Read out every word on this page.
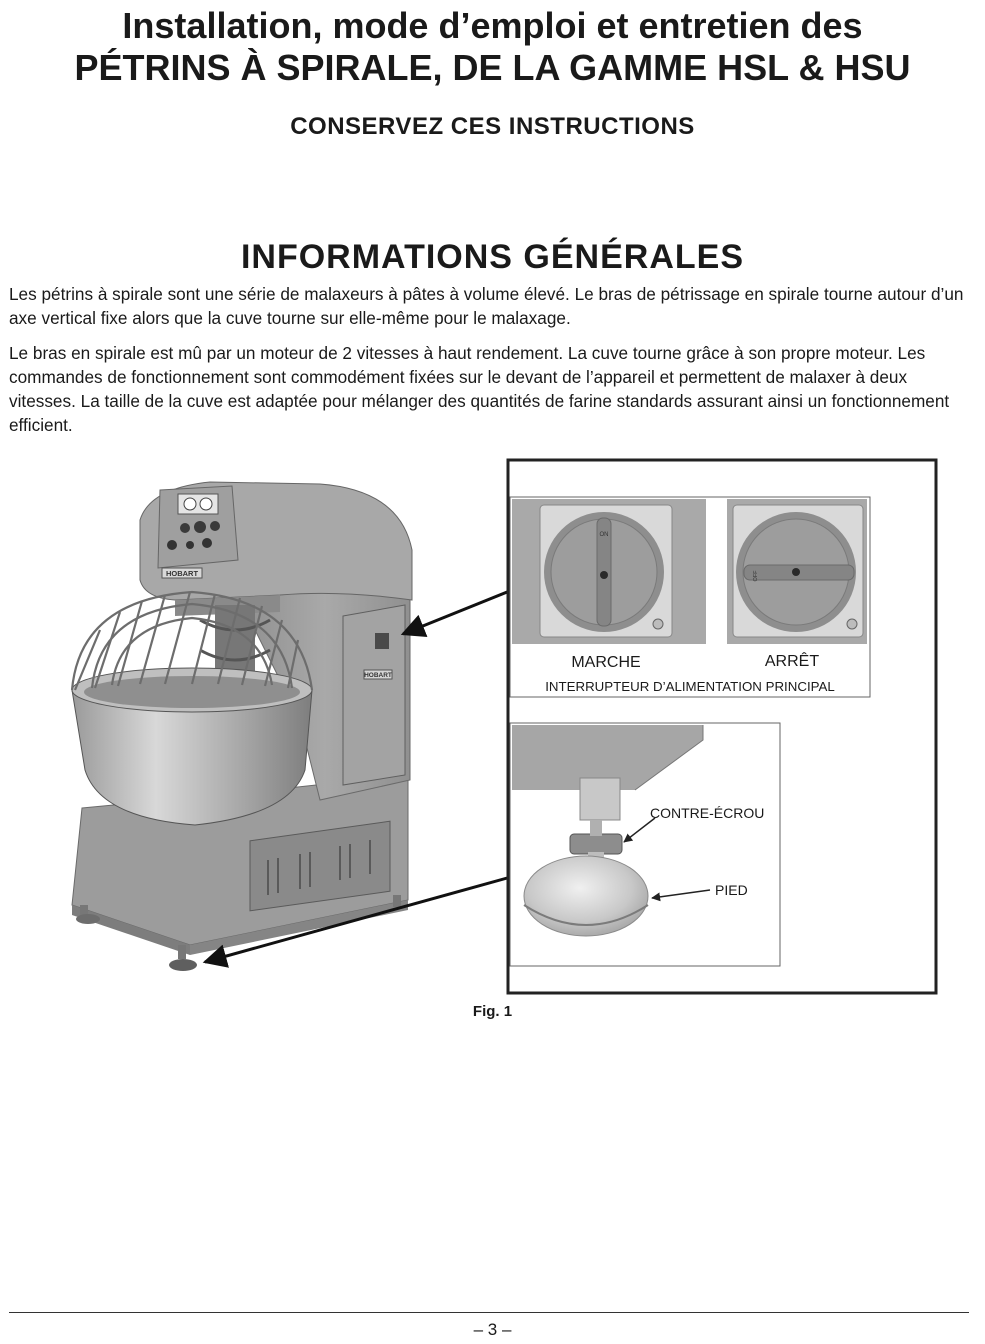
Installation, mode d’emploi et entretien des
PÉTRINS À SPIRALE, DE LA GAMME HSL & HSU
CONSERVEZ CES INSTRUCTIONS
INFORMATIONS GÉNÉRALES

Les pétrins à spirale sont une série de malaxeurs à pâtes à volume élevé. Le bras de pétrissage en spirale tourne autour d’un axe vertical fixe alors que la cuve tourne sur elle-même pour le malaxage.

Le bras en spirale est mû par un moteur de 2 vitesses à haut rendement. La cuve tourne grâce à son propre moteur. Les commandes de fonctionnement sont commodément fixées sur le devant de l’appareil et permettent de malaxer à deux vitesses. La taille de la cuve est adaptée pour mélanger des quantités de farine standards assurant ainsi un fonctionnement efficient.

HOBART
HOBART
ON
OFF
MARCHE	ARRÊT
INTERRUPTEUR D’ALIMENTATION PRINCIPAL
CONTRE-ÉCROU
PIED
Fig. 1
– 3 –
